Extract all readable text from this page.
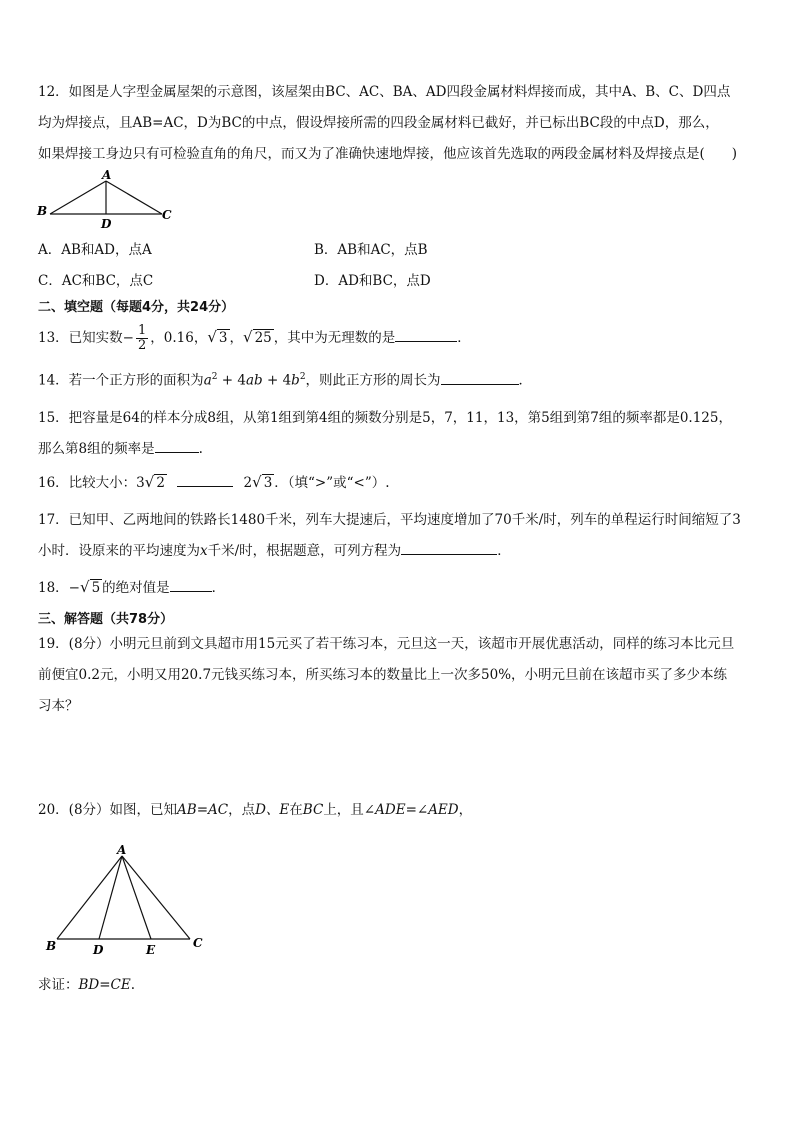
12．如图是人字型金属屋架的示意图，该屋架由BC、AC、BA、AD四段金属材料焊接而成，其中A、B、C、D四点
均为焊接点，且AB=AC，D为BC的中点，假设焊接所需的四段金属材料已截好，并已标出BC段的中点D，那么，
如果焊接工身边只有可检验直角的角尺，而又为了准确快速地焊接，他应该首先选取的两段金属材料及焊接点是(　　)
A
B	C
D
A．AB和AD，点A	B．AB和AC，点B
C．AC和BC，点C	D．AD和BC，点D
二、填空题（每题4分，共24分）
13．已知实数− $\frac{1}{2}$ ，0.16，√ 3 ，√ 25 ，其中为无理数的是	．
14．若一个正方形的面积为$a^2 + 4ab + 4b^2$，则此正方形的周长为	．
15．把容量是64的样本分成8组，从第1组到第4组的频数分别是5，7，11，13，第5组到第7组的频率都是0.125，
那么第8组的频率是	.
16．比较大小：3√ 2	2√ 3 ．（填“>”或“<”）.
17．已知甲、乙两地间的铁路长1480千米，列车大提速后，平均速度增加了70千米/时，列车的单程运行时间缩短了3
小时．设原来的平均速度为x千米/时，根据题意，可列方程为	．
18．−√ 5 的绝对值是	．
三、解答题（共78分）
19．(8分）小明元旦前到文具超市用15元买了若干练习本，元旦这一天，该超市开展优惠活动，同样的练习本比元旦
前便宜0.2元，小明又用20.7元钱买练习本，所买练习本的数量比上一次多50%，小明元旦前在该超市买了多少本练
习本？
20．(8分）如图，已知AB=AC，点D、E在BC上，且∠ADE=∠AED，
A
B	D	E	C
求证：BD=CE.
